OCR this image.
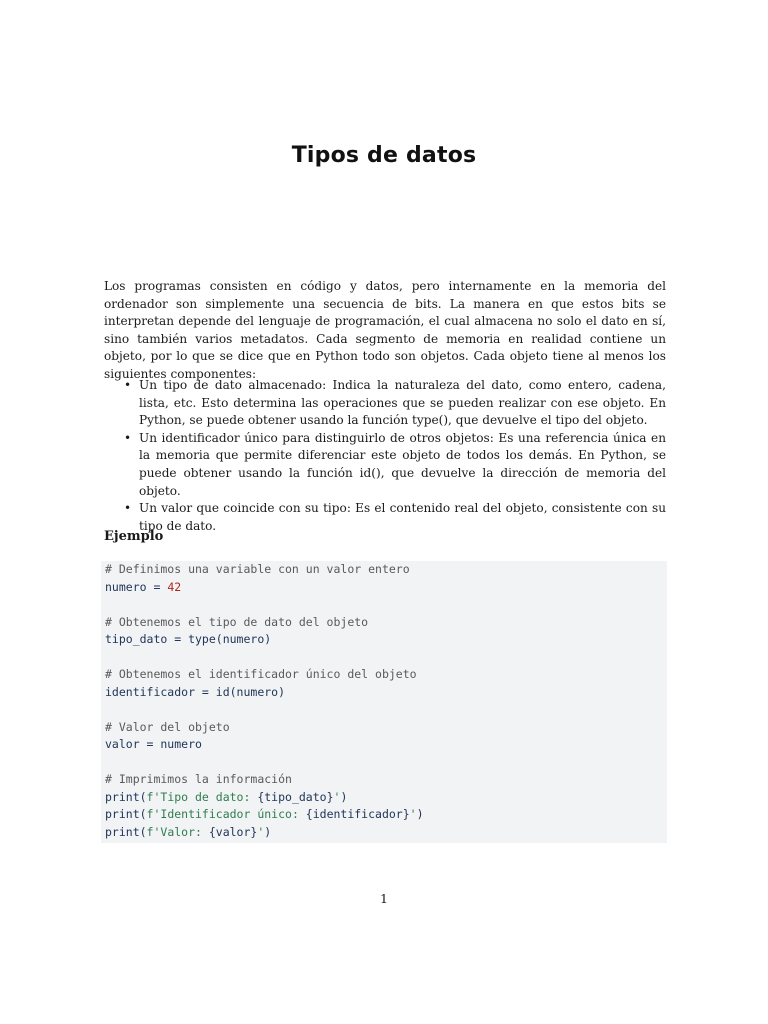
Tipos de datos
Los programas consisten en código y datos, pero internamente en la memoria del ordenador son simplemente una secuencia de bits. La manera en que estos bits se interpretan depende del lenguaje de programación, el cual almacena no solo el dato en sí, sino también varios metadatos. Cada segmento de memoria en realidad contiene un objeto, por lo que se dice que en Python todo son objetos. Cada objeto tiene al menos los siguientes componentes:
• Un tipo de dato almacenado: Indica la naturaleza del dato, como entero, cadena, lista, etc. Esto determina las operaciones que se pueden realizar con ese objeto. En Python, se puede obtener usando la función type(), que devuelve el tipo del objeto.
• Un identificador único para distinguirlo de otros objetos: Es una referencia única en la memoria que permite diferenciar este objeto de todos los demás. En Python, se puede obtener usando la función id(), que devuelve la dirección de memoria del objeto.
• Un valor que coincide con su tipo: Es el contenido real del objeto, consistente con su tipo de dato.
Ejemplo
# Definimos una variable con un valor entero
numero = 42
# Obtenemos el tipo de dato del objeto
tipo_dato = type(numero)
# Obtenemos el identificador único del objeto
identificador = id(numero)
# Valor del objeto
valor = numero
# Imprimimos la información
print(f'Tipo de dato: {tipo_dato}')
print(f'Identificador único: {identificador}')
print(f'Valor: {valor}')
1
